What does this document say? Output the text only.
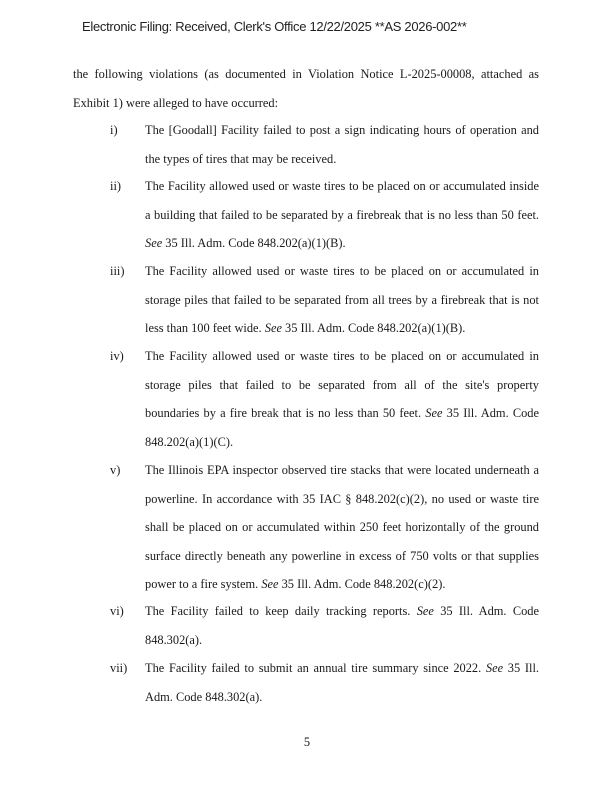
Electronic Filing: Received, Clerk's Office 12/22/2025 **AS 2026-002**
the following violations (as documented in Violation Notice L-2025-00008, attached as Exhibit 1) were alleged to have occurred:
i)	The [Goodall] Facility failed to post a sign indicating hours of operation and the types of tires that may be received.
ii)	The Facility allowed used or waste tires to be placed on or accumulated inside a building that failed to be separated by a firebreak that is no less than 50 feet. See 35 Ill. Adm. Code 848.202(a)(1)(B).
iii)	The Facility allowed used or waste tires to be placed on or accumulated in storage piles that failed to be separated from all trees by a firebreak that is not less than 100 feet wide. See 35 Ill. Adm. Code 848.202(a)(1)(B).
iv)	The Facility allowed used or waste tires to be placed on or accumulated in storage piles that failed to be separated from all of the site's property boundaries by a fire break that is no less than 50 feet. See 35 Ill. Adm. Code 848.202(a)(1)(C).
v)	The Illinois EPA inspector observed tire stacks that were located underneath a powerline. In accordance with 35 IAC § 848.202(c)(2), no used or waste tire shall be placed on or accumulated within 250 feet horizontally of the ground surface directly beneath any powerline in excess of 750 volts or that supplies power to a fire system. See 35 Ill. Adm. Code 848.202(c)(2).
vi)	The Facility failed to keep daily tracking reports. See 35 Ill. Adm. Code 848.302(a).
vii)	The Facility failed to submit an annual tire summary since 2022. See 35 Ill. Adm. Code 848.302(a).
5
